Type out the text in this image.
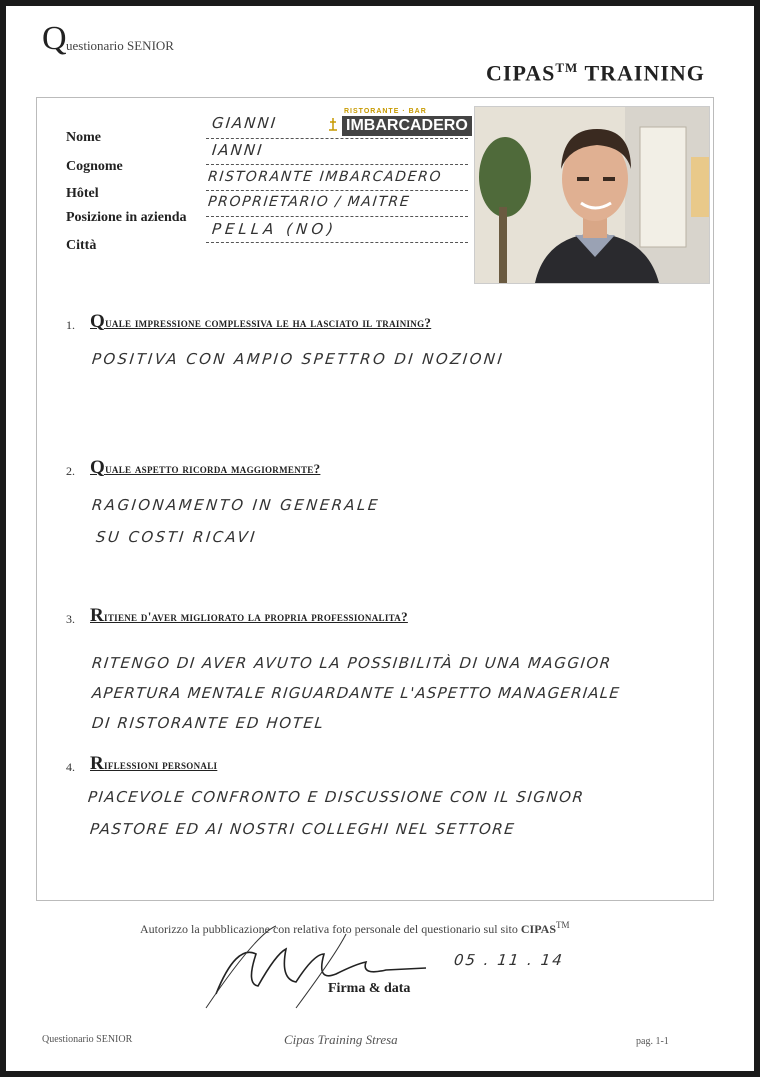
Q uestionario SENIOR
CIPAS™ TRAINING
Nome
Cognome
Hôtel
Posizione in azienda
Città
GIANNI
IANNI
RISTORANTE IMBARCADERO
PROPRIETARIO / MAITRE
PELLA (NO)
RISTORANTE · BAR
IMBARCADERO
1. Quale impressione complessiva le ha lasciato il training?
POSITIVA CON AMPIO SPETTRO DI NOZIONI
2. Quale aspetto ricorda maggiormente?
RAGIONAMENTO IN GENERALE
SU COSTI RICAVI
3. Ritiene d'aver migliorato la propria professionalita?
RITENGO DI AVER AVUTO LA POSSIBILITÀ DI UNA MAGGIOR
APERTURA MENTALE RIGUARDANTE L'ASPETTO MANAGERIALE
DI RISTORANTE ED HOTEL
4. Riflessioni personali
PIACEVOLE CONFRONTO E DISCUSSIONE CON IL SIGNOR
PASTORE ED AI NOSTRI COLLEGHI NEL SETTORE
Autorizzo la pubblicazione con relativa foto personale del questionario sul sito CIPAS™
05 . 11 . 14
Firma & data
Questionario SENIOR	Cipas Training Stresa	pag. 1-1
